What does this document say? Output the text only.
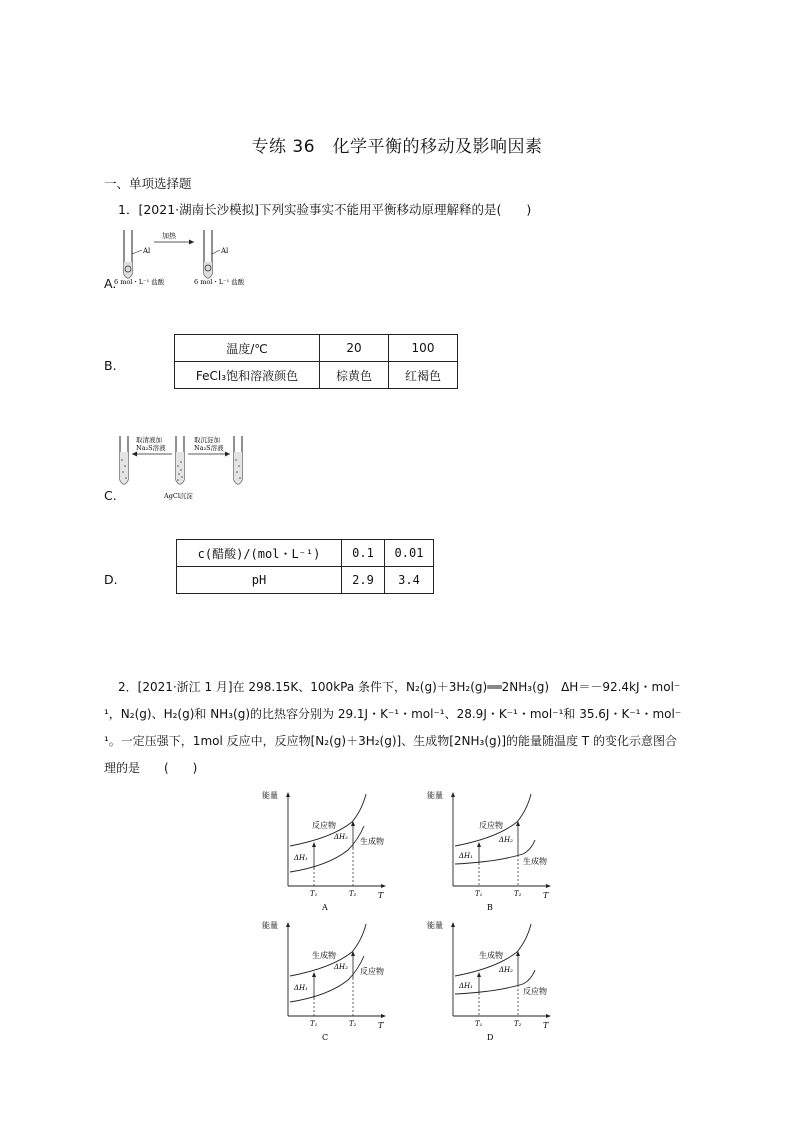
专练 36　化学平衡的移动及影响因素
一、单项选择题
1．[2021·湖南长沙模拟]下列实验事实不能用平衡移动原理解释的是(　　)
A.
Al
6 mol・L⁻¹ 盐酸
加热
Al
6 mol・L⁻¹ 盐酸
B.
温度/℃	20	100
FeCl₃饱和溶液颜色	棕黄色	红褐色
C.
取清液加
Na₂S溶液
取沉淀加
Na₂S溶液
AgCl沉淀
D.
c(醋酸)/(mol・L⁻¹)	0.1	0.01
pH	2.9	3.4
2．[2021·浙江 1 月]在 298.15K、100kPa 条件下，N₂(g)＋3H₂(g)══2NH₃(g)　ΔH＝－92.4kJ・mol⁻
¹，N₂(g)、H₂(g)和 NH₃(g)的比热容分别为 29.1J・K⁻¹・mol⁻¹、28.9J・K⁻¹・mol⁻¹和 35.6J・K⁻¹・mol⁻
¹。一定压强下，1mol 反应中，反应物[N₂(g)＋3H₂(g)]、生成物[2NH₃(g)]的能量随温度 T 的变化示意图合
理的是　　(　　)
能量
T
ΔH₁
ΔH₂
反应物
生成物
T₁	T₂
A
能量
T
ΔH₁
ΔH₂
反应物
生成物
T₁	T₂
B
能量
T
ΔH₁
ΔH₂
生成物
反应物
T₁	T₂
C
能量
T
ΔH₁
ΔH₂
生成物
反应物
T₁	T₂
D
